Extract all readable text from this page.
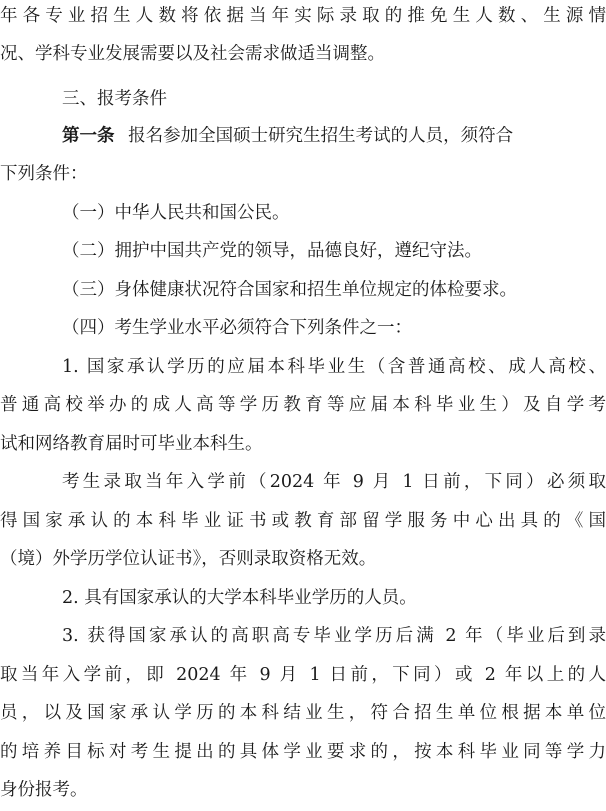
年各专业招生人数将依据当年实际录取的推免生人数、生源情
况、学科专业发展需要以及社会需求做适当调整。
三、报考条件
第一条 报名参加全国硕士研究生招生考试的人员，须符合
下列条件：
（一）中华人民共和国公民。
（二）拥护中国共产党的领导，品德良好，遵纪守法。
（三）身体健康状况符合国家和招生单位规定的体检要求。
（四）考生学业水平必须符合下列条件之一：
1. 国家承认学历的应届本科毕业生（含普通高校、成人高校、
普通高校举办的成人高等学历教育等应届本科毕业生）及自学考
试和网络教育届时可毕业本科生。
考生录取当年入学前（2024 年 9 月 1 日前，下同）必须取
得国家承认的本科毕业证书或教育部留学服务中心出具的《国
（境）外学历学位认证书》，否则录取资格无效。
2. 具有国家承认的大学本科毕业学历的人员。
3. 获得国家承认的高职高专毕业学历后满 2 年（毕业后到录
取当年入学前，即 2024 年 9 月 1 日前，下同）或 2 年以上的人
员，以及国家承认学历的本科结业生，符合招生单位根据本单位
的培养目标对考生提出的具体学业要求的，按本科毕业同等学力
身份报考。
